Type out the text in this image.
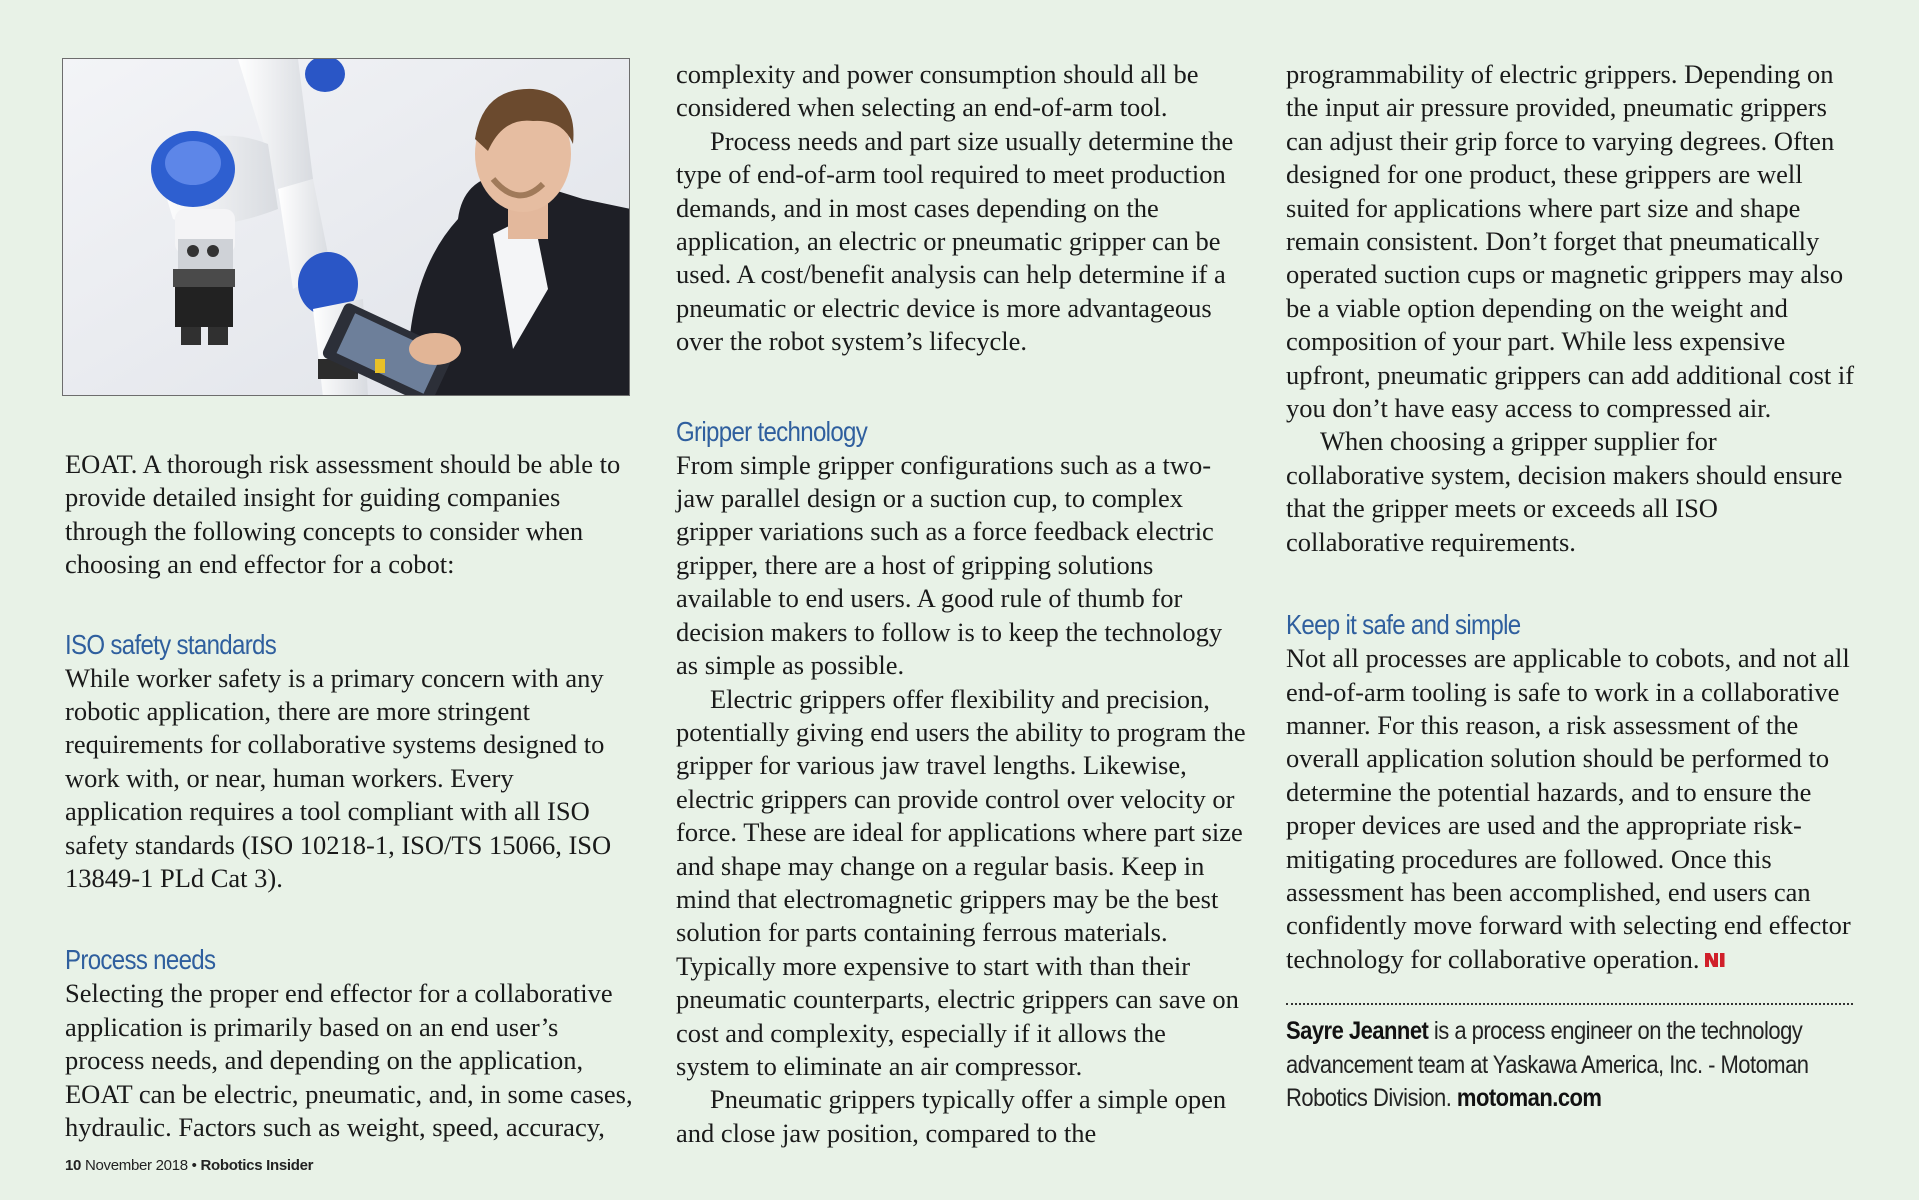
EOAT. A thorough risk assessment should be able to provide detailed insight for guiding companies through the following concepts to consider when choosing an end effector for a cobot:

ISO safety standards

While worker safety is a primary concern with any robotic application, there are more stringent requirements for collaborative systems designed to work with, or near, human workers. Every application requires a tool compliant with all ISO safety standards (ISO 10218-1, ISO/TS 15066, ISO 13849-1 PLd Cat 3).

Process needs

Selecting the proper end effector for a collaborative application is primarily based on an end user’s process needs, and depending on the application, EOAT can be electric, pneumatic, and, in some cases, hydraulic. Factors such as weight, speed, accuracy,

complexity and power consumption should all be considered when selecting an end-of-arm tool.

Process needs and part size usually determine the type of end-of-arm tool required to meet production demands, and in most cases depending on the application, an electric or pneumatic gripper can be used. A cost/benefit analysis can help determine if a pneumatic or electric device is more advantageous over the robot system’s lifecycle.

Gripper technology

From simple gripper configurations such as a two-jaw parallel design or a suction cup, to complex gripper variations such as a force feedback electric gripper, there are a host of gripping solutions available to end users. A good rule of thumb for decision makers to follow is to keep the technology as simple as possible.

Electric grippers offer flexibility and precision, potentially giving end users the ability to program the gripper for various jaw travel lengths. Likewise, electric grippers can provide control over velocity or force. These are ideal for applications where part size and shape may change on a regular basis. Keep in mind that electromagnetic grippers may be the best solution for parts containing ferrous materials. Typically more expensive to start with than their pneumatic counterparts, electric grippers can save on cost and complexity, especially if it allows the system to eliminate an air compressor.

Pneumatic grippers typically offer a simple open and close jaw position, compared to the

programmability of electric grippers. Depending on the input air pressure provided, pneumatic grippers can adjust their grip force to varying degrees. Often designed for one product, these grippers are well suited for applications where part size and shape remain consistent. Don’t forget that pneumatically operated suction cups or magnetic grippers may also be a viable option depending on the weight and composition of your part. While less expensive upfront, pneumatic grippers can add additional cost if you don’t have easy access to compressed air.

When choosing a gripper supplier for collaborative system, decision makers should ensure that the gripper meets or exceeds all ISO collaborative requirements.

Keep it safe and simple

Not all processes are applicable to cobots, and not all end-of-arm tooling is safe to work in a collaborative manner. For this reason, a risk assessment of the overall application solution should be performed to determine the potential hazards, and to ensure the proper devices are used and the appropriate risk-mitigating procedures are followed. Once this assessment has been accomplished, end users can confidently move forward with selecting end effector technology for collaborative operation.

Sayre Jeannet is a process engineer on the technology advancement team at Yaskawa America, Inc. - Motoman Robotics Division. motoman.com
10 November 2018 • Robotics Insider
